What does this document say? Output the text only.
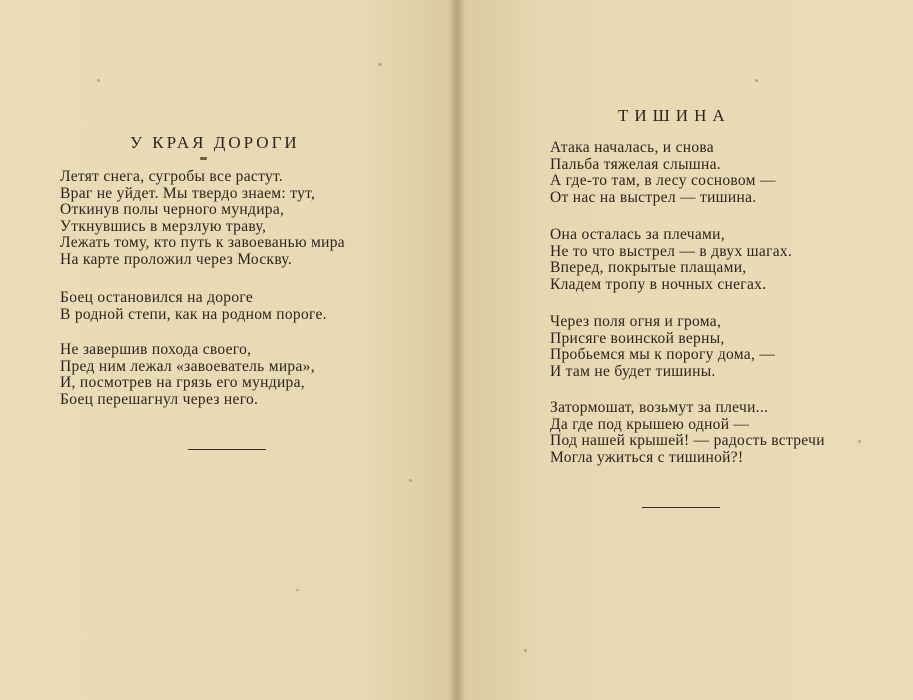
У КРАЯ ДОРОГИ
Летят снега, сугробы все растут.
Враг не уйдет. Мы твердо знаем: тут,
Откинув полы черного мундира,
Уткнувшись в мерзлую траву,
Лежать тому, кто путь к завоеванью мира
На карте проложил через Москву.
Боец остановился на дороге
В родной степи, как на родном пороге.
Не завершив похода своего,
Пред ним лежал «завоеватель мира»,
И, посмотрев на грязь его мундира,
Боец перешагнул через него.
ТИШИНА
Атака началась, и снова
Пальба тяжелая слышна.
А где-то там, в лесу сосновом —
От нас на выстрел — тишина.
Она осталась за плечами,
Не то что выстрел — в двух шагах.
Вперед, покрытые плащами,
Кладем тропу в ночных снегах.
Через поля огня и грома,
Присяге воинской верны,
Пробьемся мы к порогу дома, —
И там не будет тишины.
Затормошат, возьмут за плечи...
Да где под крышею одной —
Под нашей крышей! — радость встречи
Могла ужиться с тишиной?!
